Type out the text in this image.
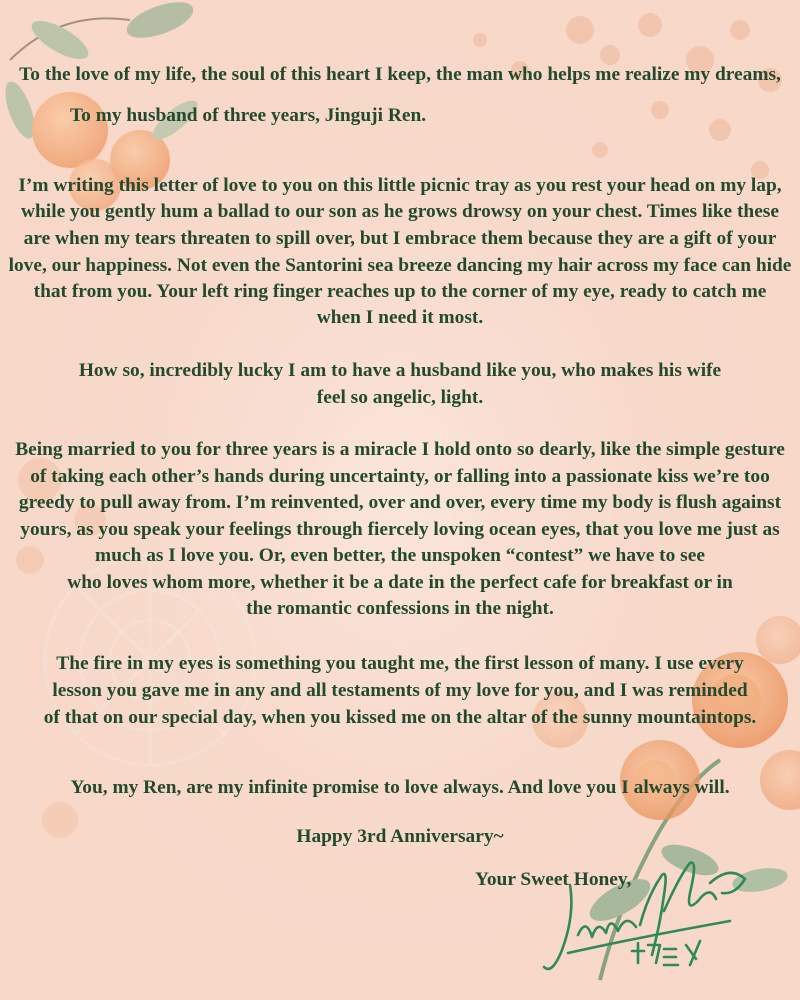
To the love of my life, the soul of this heart I keep, the man who helps me realize my dreams,
To my husband of three years, Jinguji Ren.
I’m writing this letter of love to you on this little picnic tray as you rest your head on my lap,
while you gently hum a ballad to our son as he grows drowsy on your chest. Times like these
are when my tears threaten to spill over, but I embrace them because they are a gift of your
love, our happiness. Not even the Santorini sea breeze dancing my hair across my face can hide
that from you. Your left ring finger reaches up to the corner of my eye, ready to catch me
when I need it most.
How so, incredibly lucky I am to have a husband like you, who makes his wife
feel so angelic, light.
Being married to you for three years is a miracle I hold onto so dearly, like the simple gesture
of taking each other’s hands during uncertainty, or falling into a passionate kiss we’re too
greedy to pull away from. I’m reinvented, over and over, every time my body is flush against
yours, as you speak your feelings through fiercely loving ocean eyes, that you love me just as
much as I love you. Or, even better, the unspoken “contest” we have to see
who loves whom more, whether it be a date in the perfect cafe for breakfast or in
the romantic confessions in the night.
The fire in my eyes is something you taught me, the first lesson of many. I use every
lesson you gave me in any and all testaments of my love for you, and I was reminded
of that on our special day, when you kissed me on the altar of the sunny mountaintops.
You, my Ren, are my infinite promise to love always. And love you I always will.
Happy 3rd Anniversary~
Your Sweet Honey,
